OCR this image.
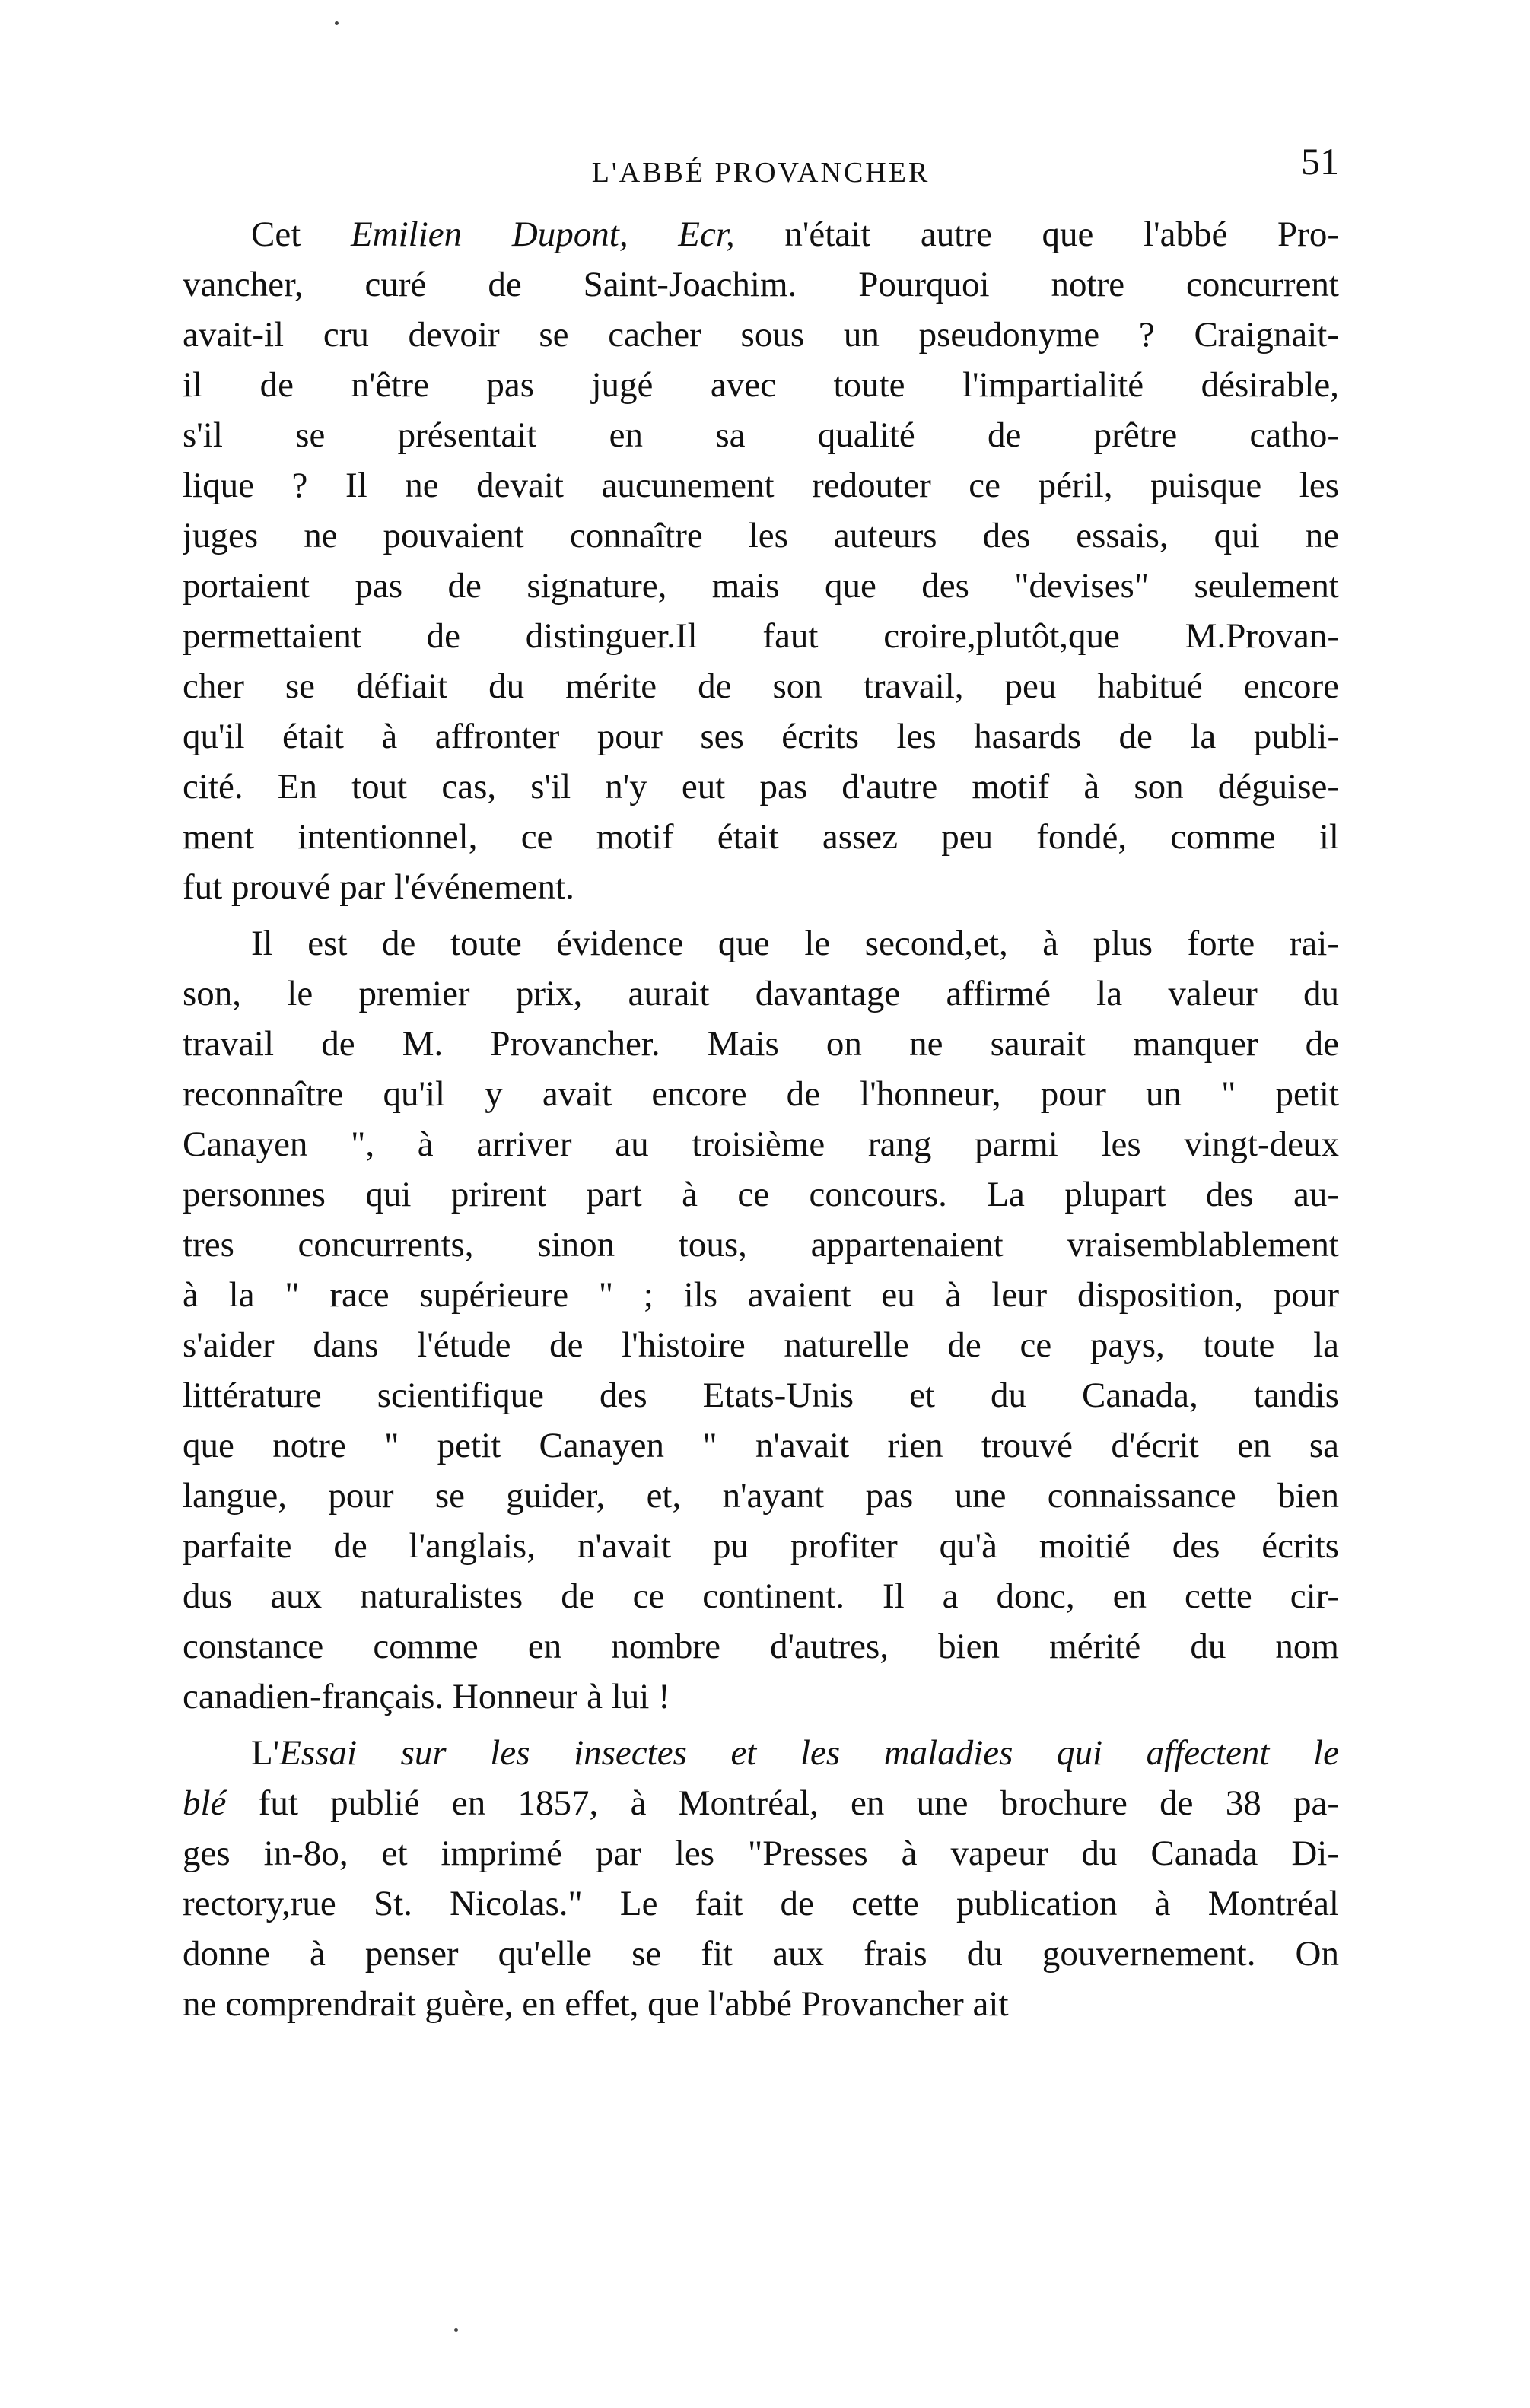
L'ABBÉ PROVANCHER	51
Cet Emilien Dupont, Ecr, n'était autre que l'abbé Pro-
vancher, curé de Saint-Joachim. Pourquoi notre concurrent
avait-il cru devoir se cacher sous un pseudonyme ? Craignait-
il de n'être pas jugé avec toute l'impartialité désirable,
s'il se présentait en sa qualité de prêtre catho-
lique ? Il ne devait aucunement redouter ce péril, puisque les
juges ne pouvaient connaître les auteurs des essais, qui ne
portaient pas de signature, mais que des "devises" seulement
permettaient de distinguer.Il faut croire,plutôt,que M.Provan-
cher se défiait du mérite de son travail, peu habitué encore
qu'il était à affronter pour ses écrits les hasards de la publi-
cité. En tout cas, s'il n'y eut pas d'autre motif à son déguise-
ment intentionnel, ce motif était assez peu fondé, comme il
fut prouvé par l'événement.
Il est de toute évidence que le second,et, à plus forte rai-
son, le premier prix, aurait davantage affirmé la valeur du
travail de M. Provancher. Mais on ne saurait manquer de
reconnaître qu'il y avait encore de l'honneur, pour un " petit
Canayen ", à arriver au troisième rang parmi les vingt-deux
personnes qui prirent part à ce concours. La plupart des au-
tres concurrents, sinon tous, appartenaient vraisemblablement
à la " race supérieure " ; ils avaient eu à leur disposition, pour
s'aider dans l'étude de l'histoire naturelle de ce pays, toute la
littérature scientifique des Etats-Unis et du Canada, tandis
que notre " petit Canayen " n'avait rien trouvé d'écrit en sa
langue, pour se guider, et, n'ayant pas une connaissance bien
parfaite de l'anglais, n'avait pu profiter qu'à moitié des écrits
dus aux naturalistes de ce continent. Il a donc, en cette cir-
constance comme en nombre d'autres, bien mérité du nom
canadien-français. Honneur à lui !
L'Essai sur les insectes et les maladies qui affectent le
blé fut publié en 1857, à Montréal, en une brochure de 38 pa-
ges in-8o, et imprimé par les "Presses à vapeur du Canada Di-
rectory,rue St. Nicolas." Le fait de cette publication à Montréal
donne à penser qu'elle se fit aux frais du gouvernement. On
ne comprendrait guère, en effet, que l'abbé Provancher ait
